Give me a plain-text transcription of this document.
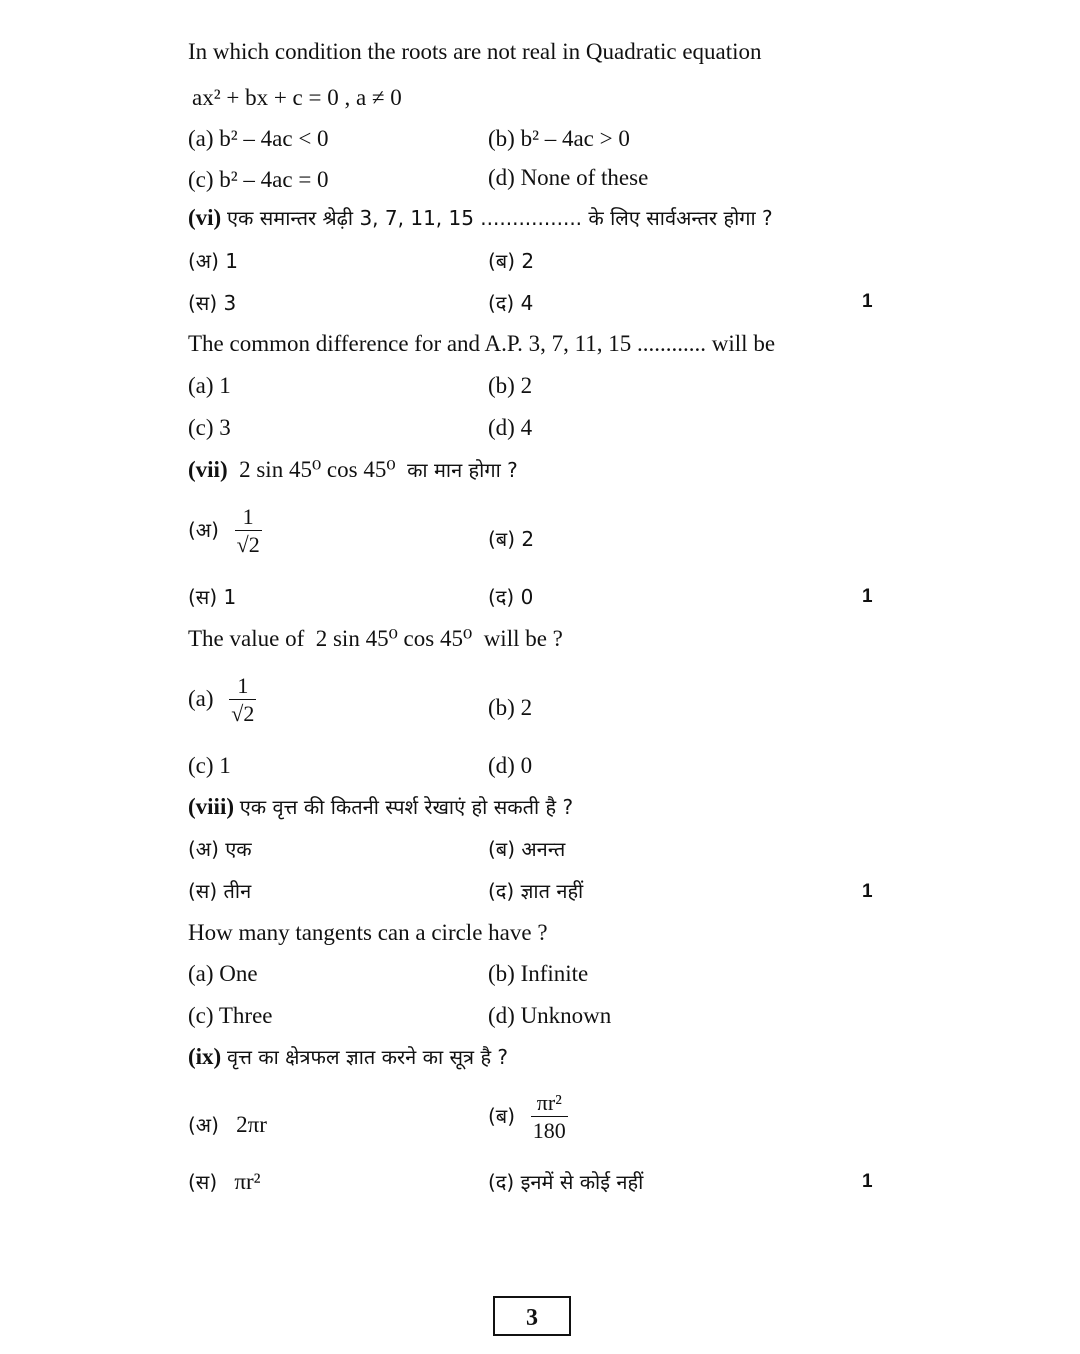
In which condition the roots are not real in Quadratic equation
ax² + bx + c = 0 , a ≠ 0
(a) b² – 4ac < 0	(b) b² – 4ac > 0
(c) b² – 4ac = 0	(d) None of these
(vi) एक समान्तर श्रेढ़ी 3, 7, 11, 15 ................ के लिए सार्वअन्तर होगा ?
(अ) 1	(ब) 2
(स) 3	(द) 4	1
The common difference for and A.P. 3, 7, 11, 15 ............ will be
(a) 1	(b) 2
(c) 3	(d) 4
(vii) 2 sin 45⁰ cos 45⁰ का मान होगा ?
(अ) $\frac{1}{√2}$	(ब) 2
(स) 1	(द) 0	1
The value of 2 sin 45⁰ cos 45⁰ will be ?
$(a) \frac{1}{√2}$	(b) 2
(c) 1	(d) 0
(viii) एक वृत्त की कितनी स्पर्श रेखाएं हो सकती है ?
(अ) एक	(ब) अनन्त
(स) तीन	(द) ज्ञात नहीं	1
How many tangents can a circle have ?
(a) One	(b) Infinite
(c) Three	(d) Unknown
(ix) वृत्त का क्षेत्रफल ज्ञात करने का सूत्र है ?
(अ) 2πr	(ब) $\frac{\text{πr²}}{180}$
(स) πr²	(द) इनमें से कोई नहीं	1
3
